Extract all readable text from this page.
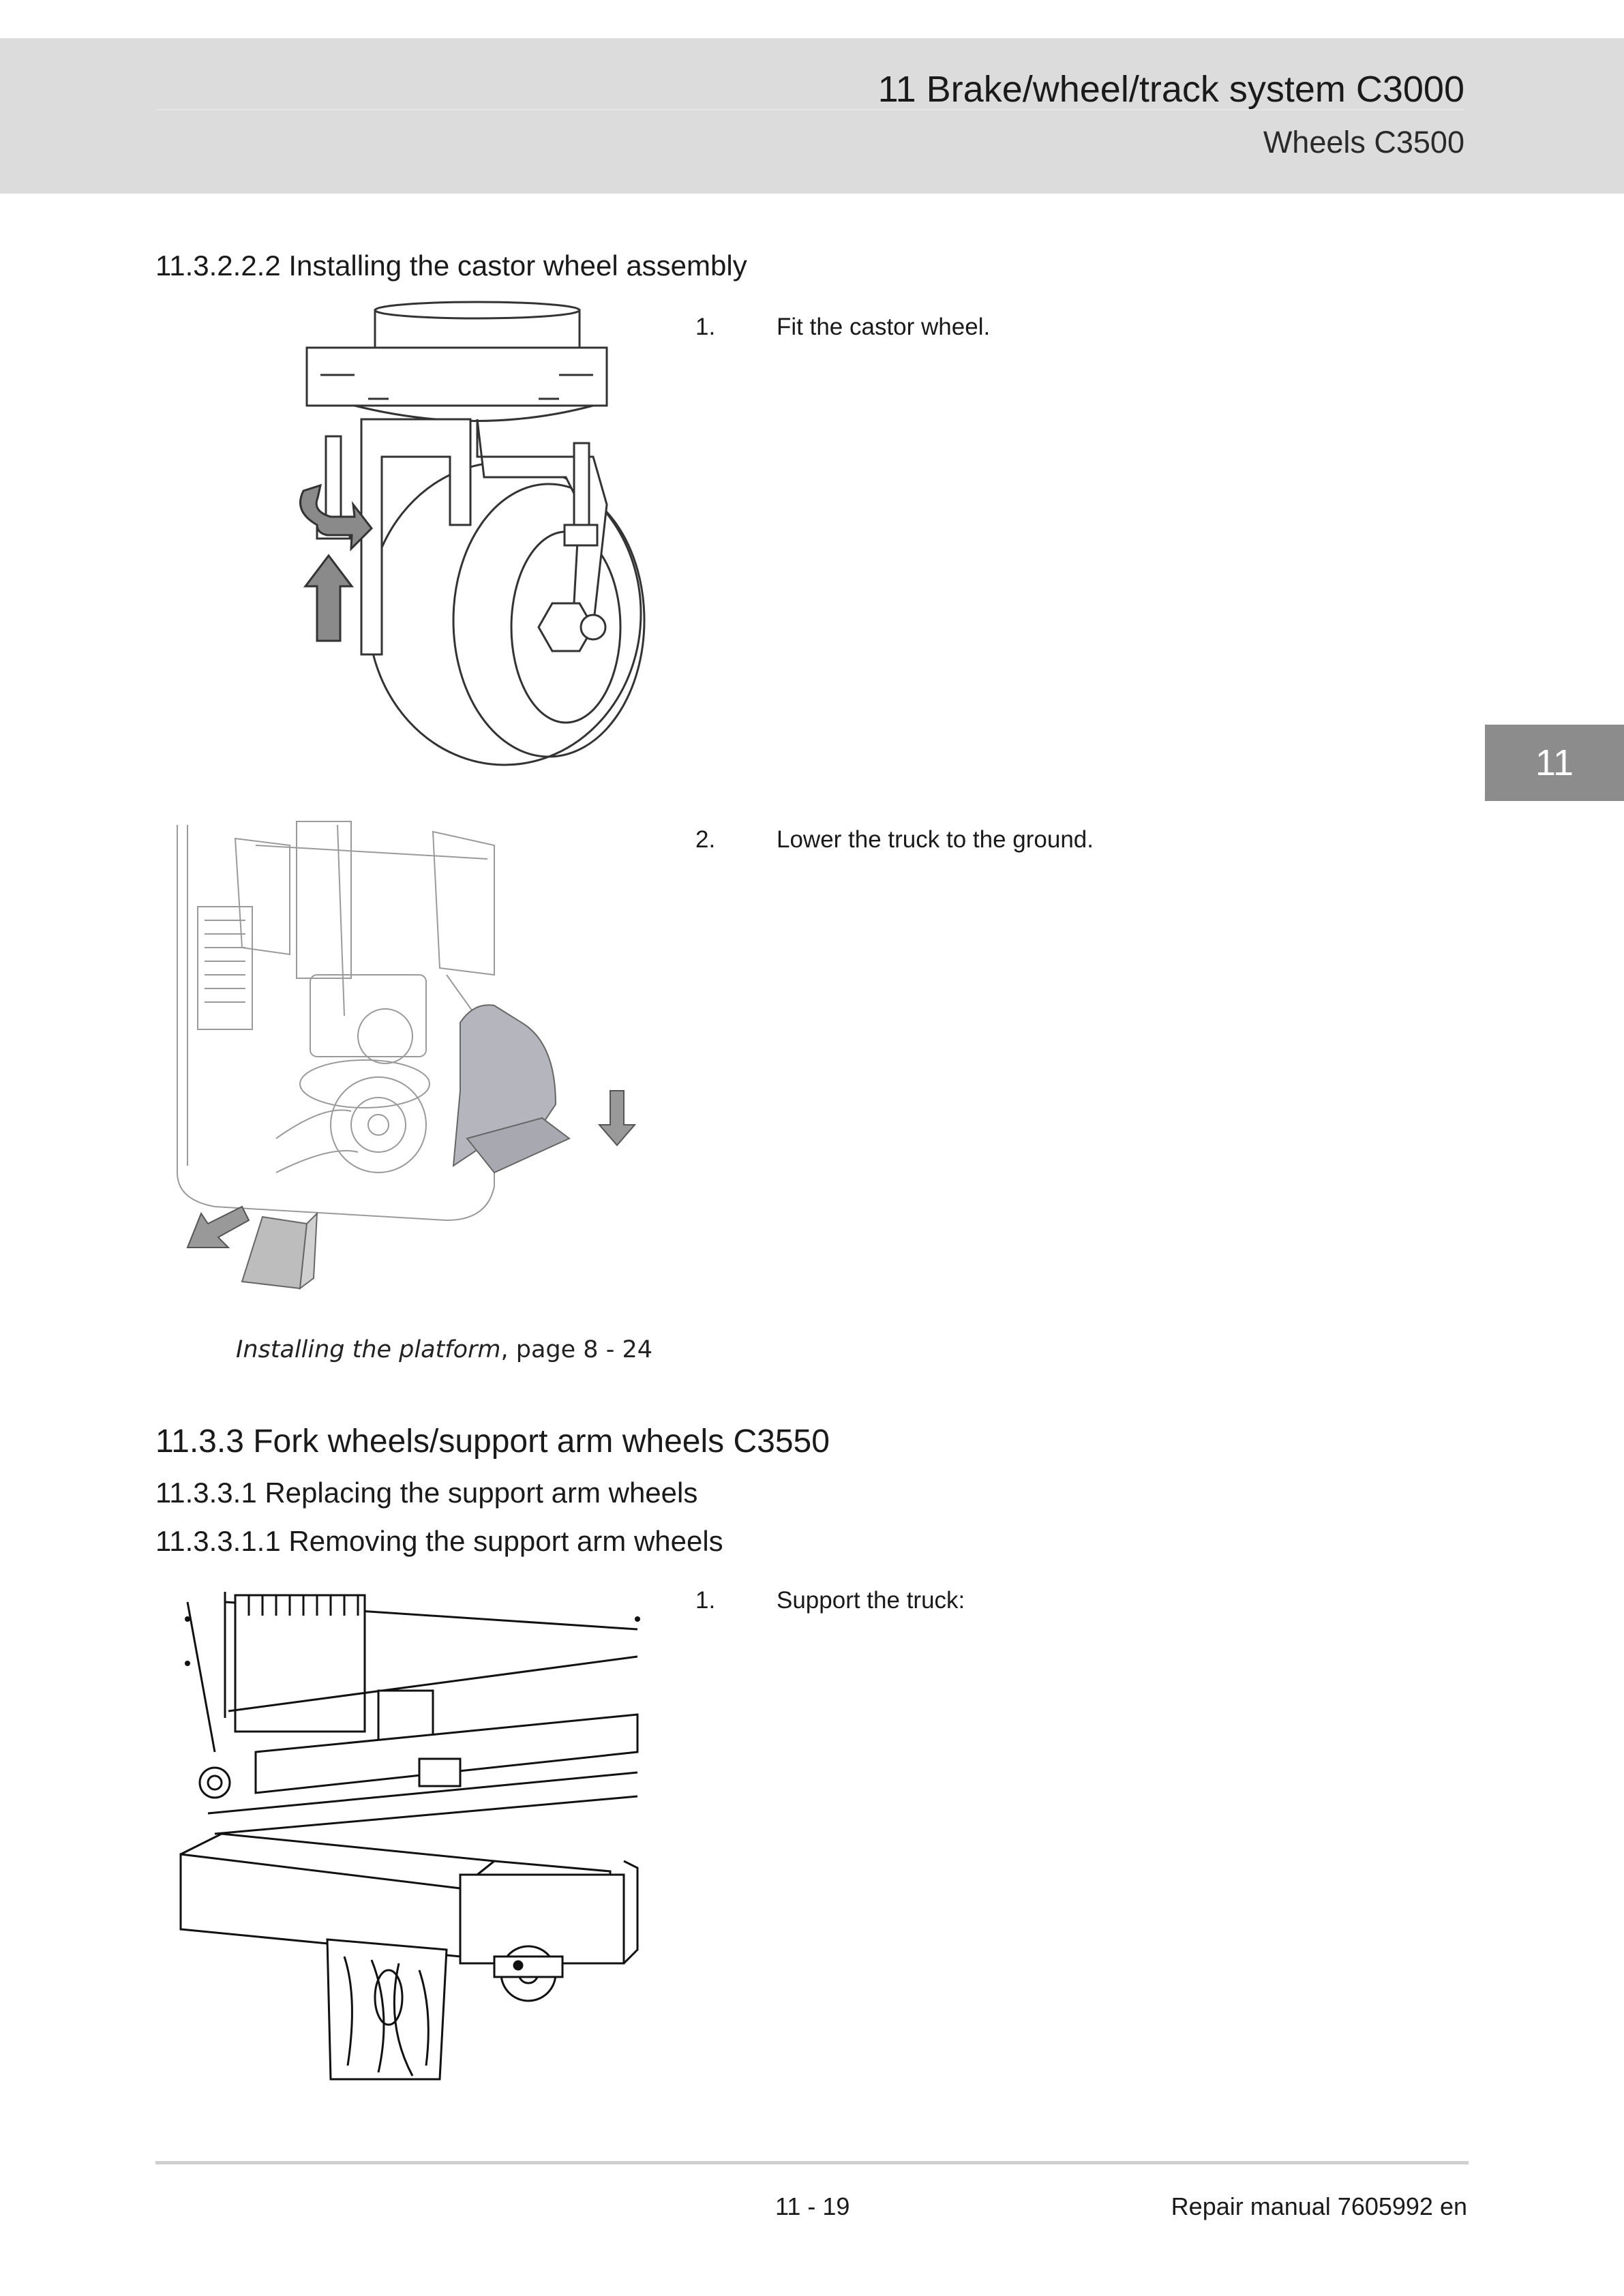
11 Brake/wheel/track system C3000
Wheels C3500
11
11.3.2.2.2 Installing the castor wheel assembly
1.	Fit the castor wheel.
2.	Lower the truck to the ground.
Installing the platform, page 8 - 24
11.3.3 Fork wheels/support arm wheels C3550
11.3.3.1 Replacing the support arm wheels
11.3.3.1.1 Removing the support arm wheels
1.	Support the truck:
11 - 19	Repair manual 7605992 en
